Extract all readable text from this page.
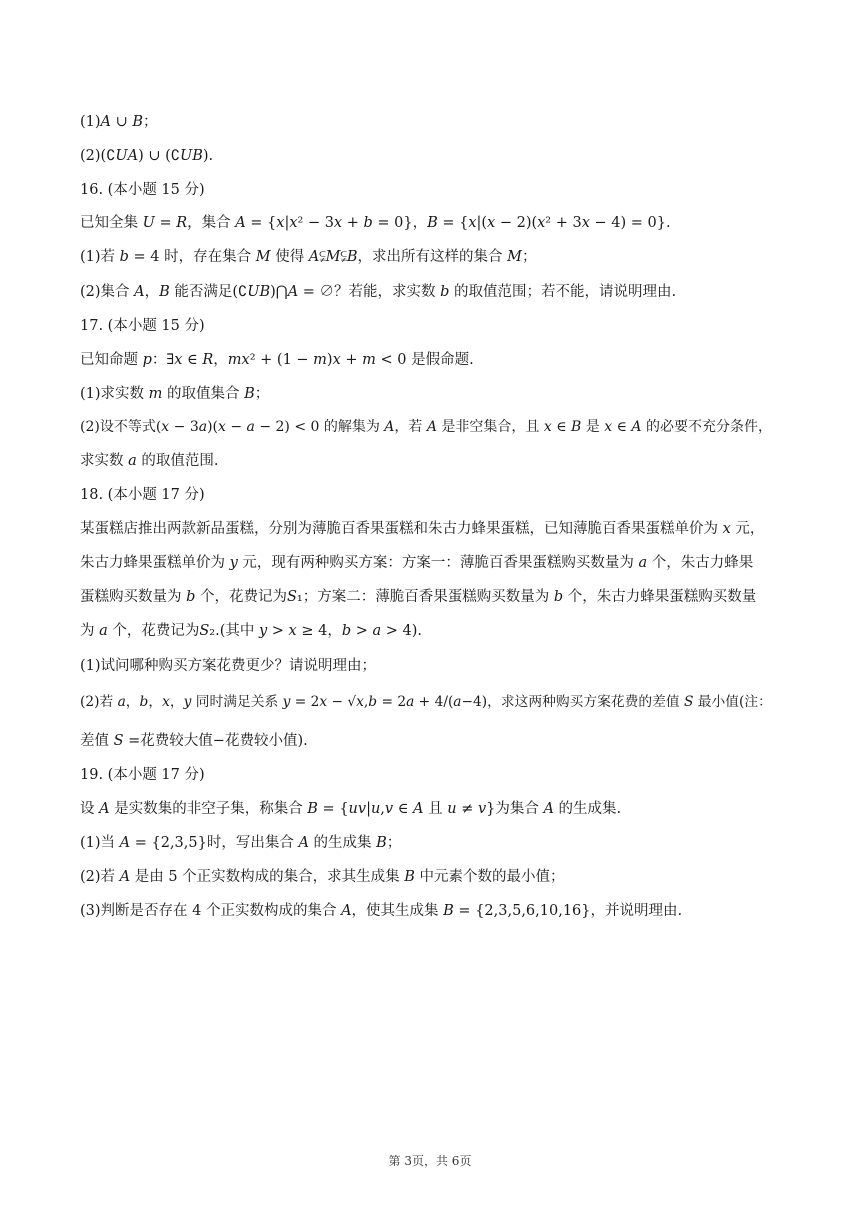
(1)𝐴 ∪ 𝐵；
(2)(∁𝑈𝐴) ∪ (∁𝑈𝐵).
16. (本小题 15 分)
已知全集 𝑈 = 𝑅，集合 𝐴 = {𝑥|𝑥² − 3𝑥 + 𝑏 = 0}，𝐵 = {𝑥|(𝑥 − 2)(𝑥² + 3𝑥 − 4) = 0}.
(1)若 𝑏 = 4 时，存在集合 𝑀 使得 𝐴⫋𝑀⫋𝐵，求出所有这样的集合 𝑀；
(2)集合 𝐴，𝐵 能否满足(∁𝑈𝐵)⋂𝐴 = ∅？若能，求实数 𝑏 的取值范围；若不能，请说明理由.
17. (本小题 15 分)
已知命题 𝑝：∃𝑥 ∈ 𝑅，𝑚𝑥² + (1 − 𝑚)𝑥 + 𝑚 < 0 是假命题.
(1)求实数 𝑚 的取值集合 𝐵；
(2)设不等式(𝑥 − 3𝑎)(𝑥 − 𝑎 − 2) < 0 的解集为 𝐴，若 𝐴 是非空集合，且 𝑥 ∈ 𝐵 是 𝑥 ∈ 𝐴 的必要不充分条件，
求实数 𝑎 的取值范围.
18. (本小题 17 分)
某蛋糕店推出两款新品蛋糕，分别为薄脆百香果蛋糕和朱古力蜂果蛋糕，已知薄脆百香果蛋糕单价为 𝑥 元，
朱古力蜂果蛋糕单价为 𝑦 元，现有两种购买方案：方案一：薄脆百香果蛋糕购买数量为 𝑎 个，朱古力蜂果
蛋糕购买数量为 𝑏 个，花费记为𝑆₁；方案二：薄脆百香果蛋糕购买数量为 𝑏 个，朱古力蜂果蛋糕购买数量
为 𝑎 个，花费记为𝑆₂.(其中 𝑦 > 𝑥 ≥ 4，𝑏 > 𝑎 > 4).
(1)试问哪种购买方案花费更少？请说明理由；
(2)若 𝑎，𝑏，𝑥，𝑦 同时满足关系 𝑦 = 2𝑥 − √𝑥,𝑏 = 2𝑎 + 4/(𝑎−4)，求这两种购买方案花费的差值 𝑆 最小值(注：
差值 𝑆 =花费较大值−花费较小值).
19. (本小题 17 分)
设 𝐴 是实数集的非空子集，称集合 𝐵 = {𝑢𝑣|𝑢,𝑣 ∈ 𝐴 且 𝑢 ≠ 𝑣}为集合 𝐴 的生成集.
(1)当 𝐴 = {2,3,5}时，写出集合 𝐴 的生成集 𝐵；
(2)若 𝐴 是由 5 个正实数构成的集合，求其生成集 𝐵 中元素个数的最小值；
(3)判断是否存在 4 个正实数构成的集合 𝐴，使其生成集 𝐵 = {2,3,5,6,10,16}，并说明理由.
第 3页，共 6页
